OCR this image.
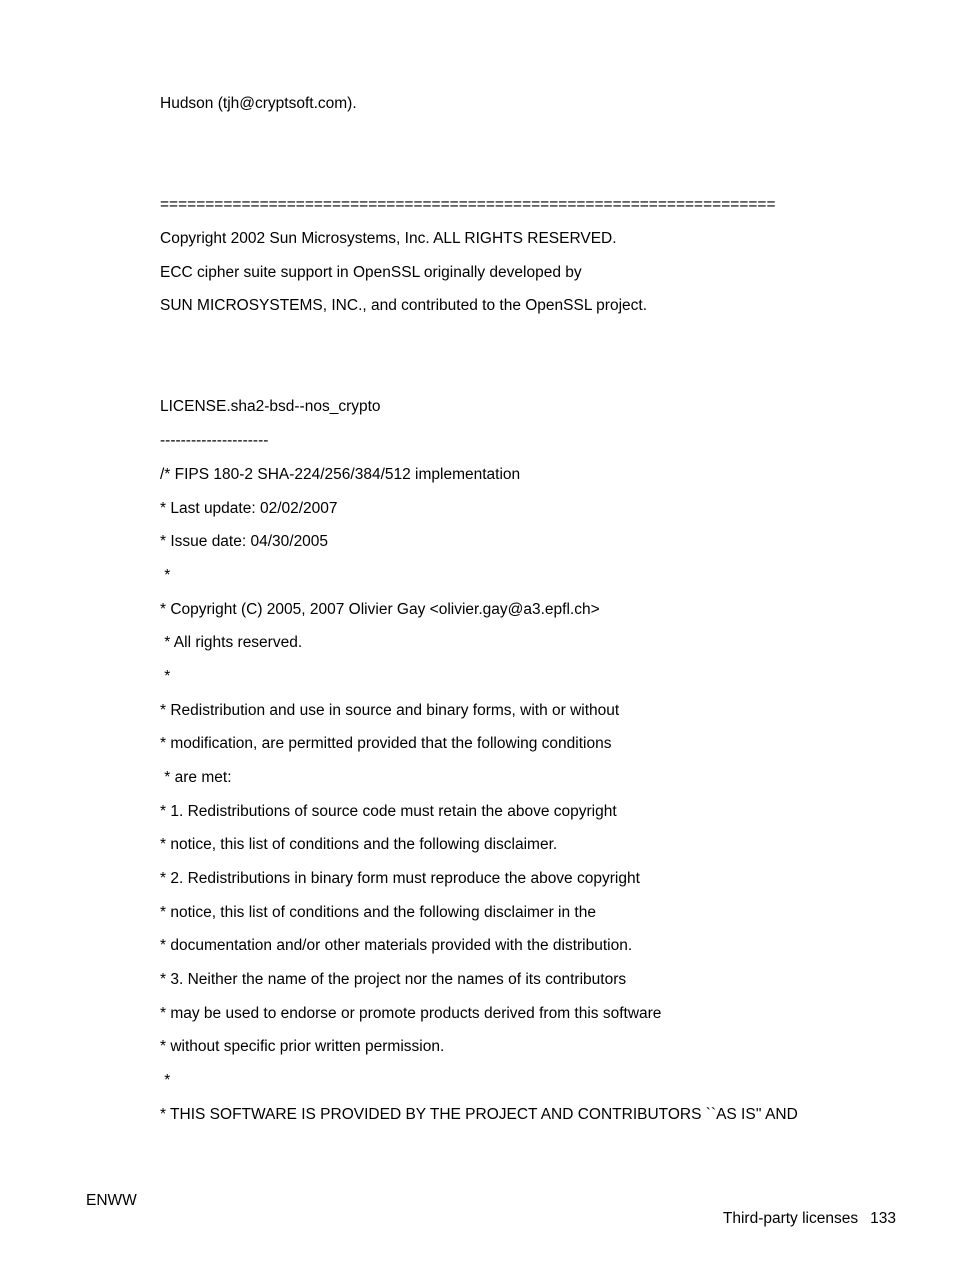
Hudson (tjh@cryptsoft.com).
====================================================================
Copyright 2002 Sun Microsystems, Inc. ALL RIGHTS RESERVED.
ECC cipher suite support in OpenSSL originally developed by
SUN MICROSYSTEMS, INC., and contributed to the OpenSSL project.
LICENSE.sha2-bsd--nos_crypto
---------------------
/* FIPS 180-2 SHA-224/256/384/512 implementation
* Last update: 02/02/2007
* Issue date: 04/30/2005
*
* Copyright (C) 2005, 2007 Olivier Gay <olivier.gay@a3.epfl.ch>
* All rights reserved.
*
* Redistribution and use in source and binary forms, with or without
* modification, are permitted provided that the following conditions
* are met:
* 1. Redistributions of source code must retain the above copyright
* notice, this list of conditions and the following disclaimer.
* 2. Redistributions in binary form must reproduce the above copyright
* notice, this list of conditions and the following disclaimer in the
* documentation and/or other materials provided with the distribution.
* 3. Neither the name of the project nor the names of its contributors
* may be used to endorse or promote products derived from this software
* without specific prior written permission.
*
* THIS SOFTWARE IS PROVIDED BY THE PROJECT AND CONTRIBUTORS ``AS IS'' AND
ENWW

Third-party licenses 133
